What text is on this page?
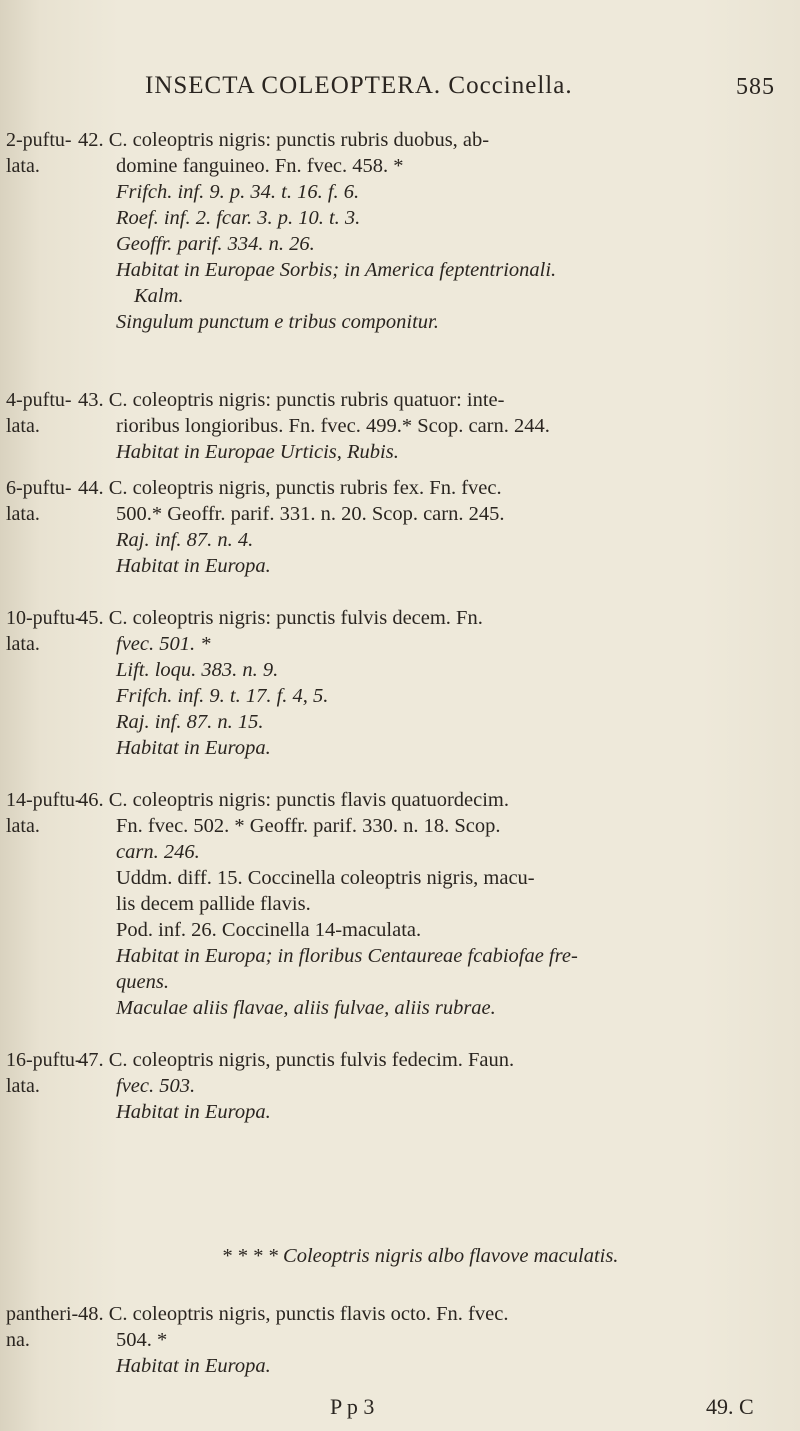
INSECTA COLEOPTERA. Coccinella.	585
2-puftu-
lata.
42. C. coleoptris nigris: punctis rubris duobus, ab-
domine fanguineo. Fn. fvec. 458. *
Frifch. inf. 9. p. 34. t. 16. f. 6.
Roef. inf. 2. fcar. 3. p. 10. t. 3.
Geoffr. parif. 334. n. 26.
Habitat in Europae Sorbis; in America feptentrionali.
Kalm.
Singulum punctum e tribus componitur.
4-puftu-
lata.
43. C. coleoptris nigris: punctis rubris quatuor: inte-
rioribus longioribus. Fn. fvec. 499.* Scop. carn. 244.
Habitat in Europae Urticis, Rubis.
6-puftu-
lata.
44. C. coleoptris nigris, punctis rubris fex. Fn. fvec.
500.* Geoffr. parif. 331. n. 20. Scop. carn. 245.
Raj. inf. 87. n. 4.
Habitat in Europa.
10-puftu-
lata.
45. C. coleoptris nigris: punctis fulvis decem. Fn.
fvec. 501. *
Lift. loqu. 383. n. 9.
Frifch. inf. 9. t. 17. f. 4, 5.
Raj. inf. 87. n. 15.
Habitat in Europa.
14-puftu-
lata.
46. C. coleoptris nigris: punctis flavis quatuordecim.
Fn. fvec. 502. * Geoffr. parif. 330. n. 18. Scop.
carn. 246.
Uddm. diff. 15. Coccinella coleoptris nigris, macu-
lis decem pallide flavis.
Pod. inf. 26. Coccinella 14-maculata.
Habitat in Europa; in floribus Centaureae fcabiofae fre-
quens.
Maculae aliis flavae, aliis fulvae, aliis rubrae.
16-puftu-
lata.
47. C. coleoptris nigris, punctis fulvis fedecim. Faun.
fvec. 503.
Habitat in Europa.
* * * * Coleoptris nigris albo flavove maculatis.
pantheri-
na.
48. C. coleoptris nigris, punctis flavis octo. Fn. fvec.
504. *
Habitat in Europa.
P p 3	49. C
